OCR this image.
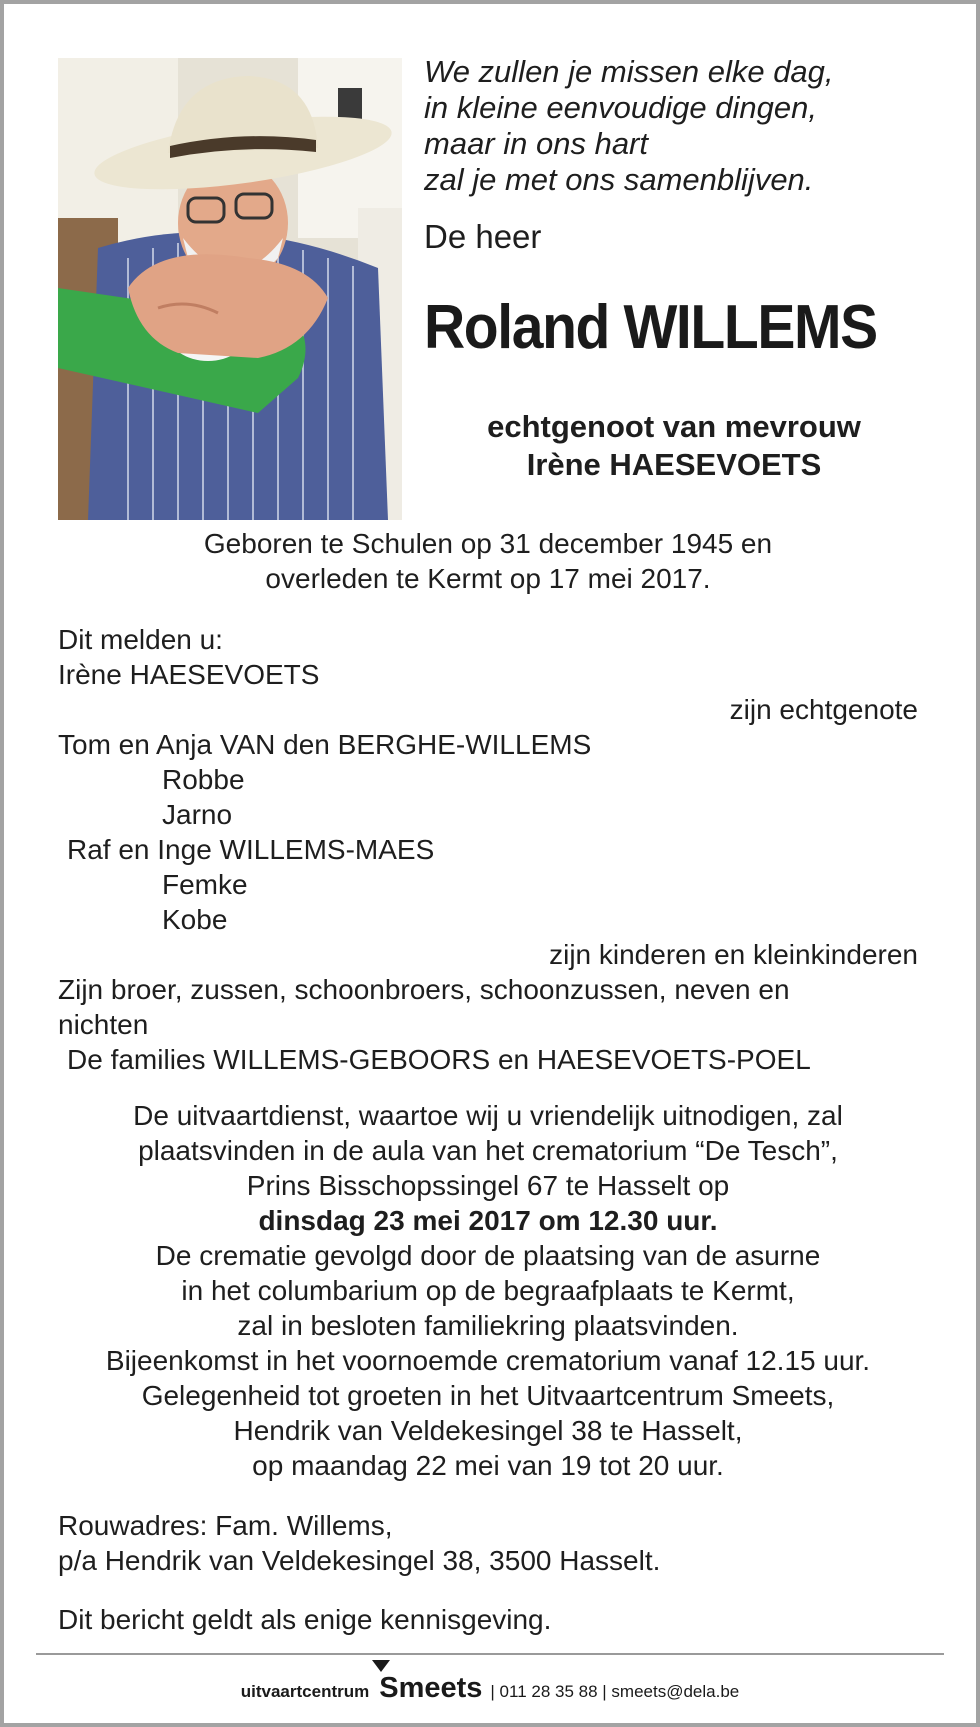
We zullen je missen elke dag,
in kleine eenvoudige dingen,
maar in ons hart
zal je met ons samenblijven.
De heer
Roland WILLEMS
echtgenoot van mevrouw
Irène HAESEVOETS
Geboren te Schulen op 31 december 1945 en
overleden te Kermt op 17 mei 2017.
Dit melden u:
Irène HAESEVOETS
zijn echtgenote
Tom en Anja VAN den BERGHE-WILLEMS
Robbe
Jarno
Raf en Inge WILLEMS-MAES
Femke
Kobe
zijn kinderen en kleinkinderen
Zijn broer, zussen, schoonbroers, schoonzussen, neven en
nichten
De families WILLEMS-GEBOORS en HAESEVOETS-POEL
De uitvaartdienst, waartoe wij u vriendelijk uitnodigen, zal
plaatsvinden in de aula van het crematorium “De Tesch”,
Prins Bisschopssingel 67 te Hasselt op
dinsdag 23 mei 2017 om 12.30 uur.
De crematie gevolgd door de plaatsing van de asurne
in het columbarium op de begraafplaats te Kermt,
zal in besloten familiekring plaatsvinden.
Bijeenkomst in het voornoemde crematorium vanaf 12.15 uur.
Gelegenheid tot groeten in het Uitvaartcentrum Smeets,
Hendrik van Veldekesingel 38 te Hasselt,
op maandag 22 mei van 19 tot 20 uur.
Rouwadres: Fam. Willems,
p/a Hendrik van Veldekesingel 38, 3500 Hasselt.
Dit bericht geldt als enige kennisgeving.
uitvaartcentrum Smeets | 011 28 35 88 | smeets@dela.be
